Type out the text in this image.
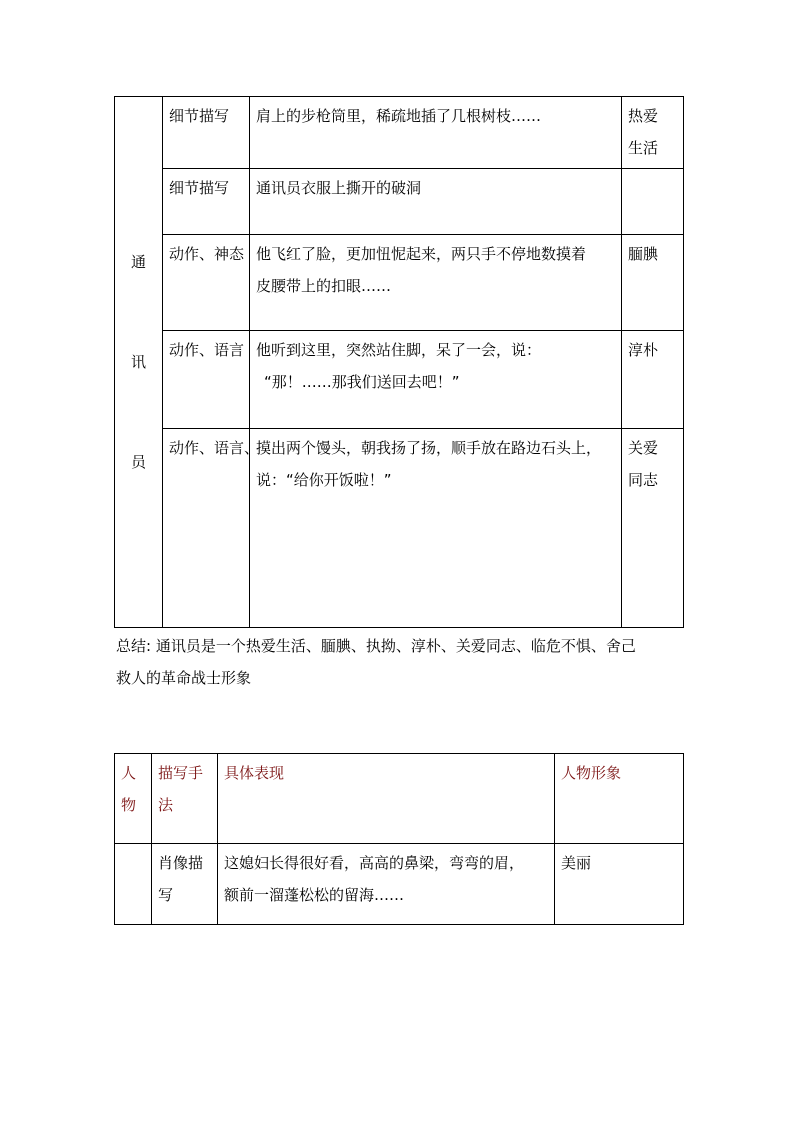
通
讯
员	细节描写	肩上的步枪筒里，稀疏地插了几根树枝……	热爱
生活

	细节描写	通讯员衣服上撕开的破洞	

	动作、神态	他飞红了脸，更加忸怩起来，两只手不停地数摸着
皮腰带上的扣眼……	腼腆

	动作、语言	他听到这里，突然站住脚，呆了一会，说：
“那！……那我们送回去吧！”	淳朴

	动作、语言、	摸出两个馒头，朝我扬了扬，顺手放在路边石头上，
说：“给你开饭啦！”	关爱
同志
总结: 通讯员是一个热爱生活、腼腆、执拗、淳朴、关爱同志、临危不惧、舍己
救人的革命战士形象
人
物	描写手
法	具体表现	人物形象

	肖像描
写	这媳妇长得很好看，高高的鼻梁，弯弯的眉，
额前一溜蓬松松的留海……	美丽
